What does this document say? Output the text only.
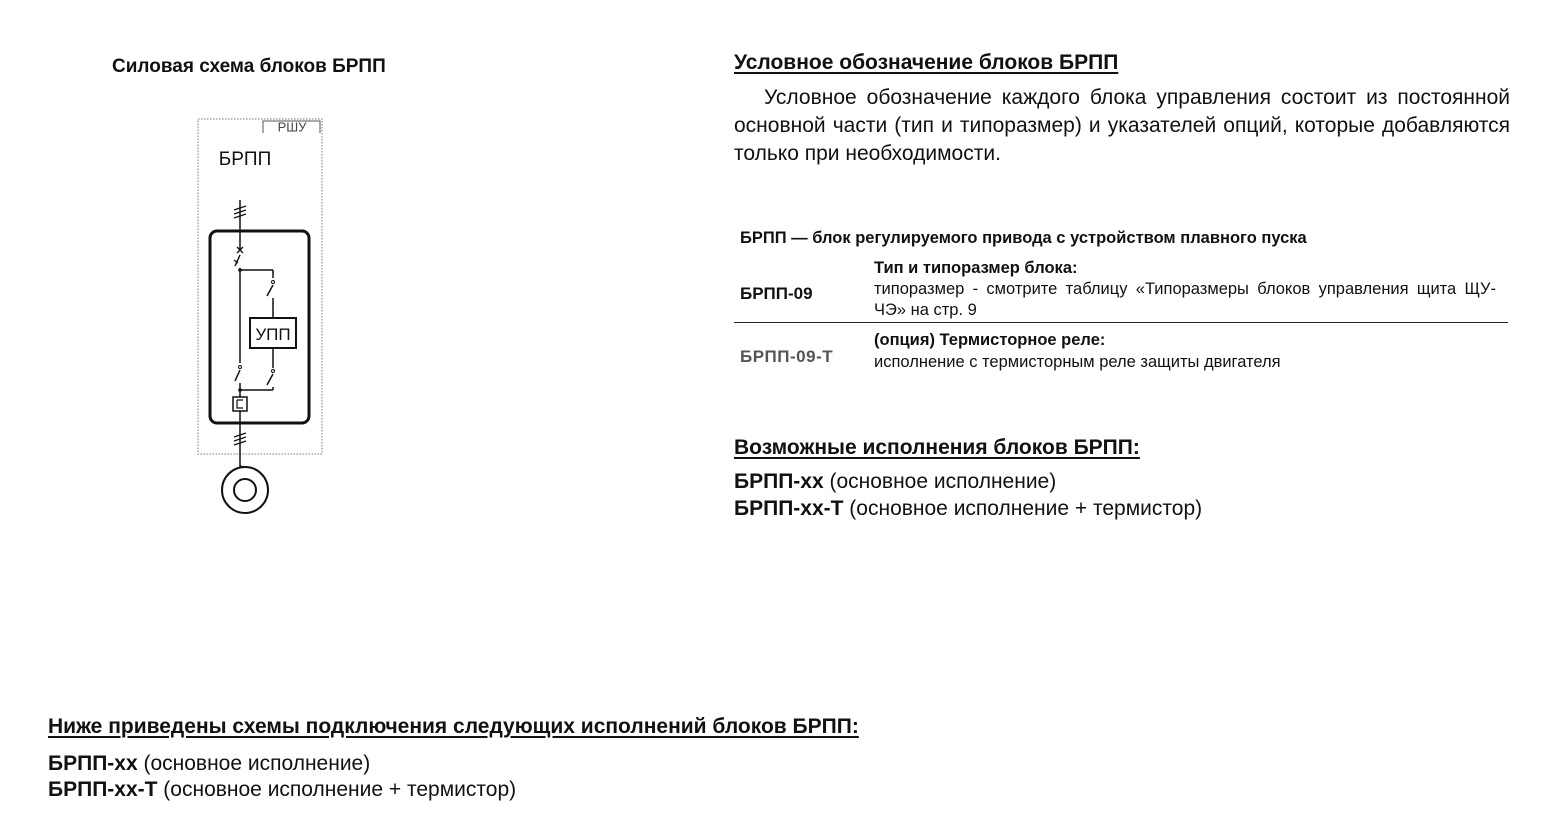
Силовая схема блоков БРПП
РШУ
БРПП
УПП
Условное обозначение блоков БРПП
Условное обозначение каждого блока управления состоит из постоянной основной части (тип и типоразмер) и указателей опций, которые добавляются только при необходимости.
БРПП — блок регулируемого привода с устройством плавного пуска
БРПП-09
Тип и типоразмер блока:
типоразмер - смотрите таблицу «Типоразмеры блоков управления щита ЩУ-ЧЭ» на стр. 9
БРПП-09-Т
(опция) Термисторное реле:
исполнение с термисторным реле защиты двигателя
Возможные исполнения блоков БРПП:
БРПП-хх (основное исполнение)
БРПП-хх-Т (основное исполнение + термистор)
Ниже приведены схемы подключения следующих исполнений блоков БРПП:
БРПП-хх (основное исполнение)
БРПП-хх-Т (основное исполнение + термистор)
